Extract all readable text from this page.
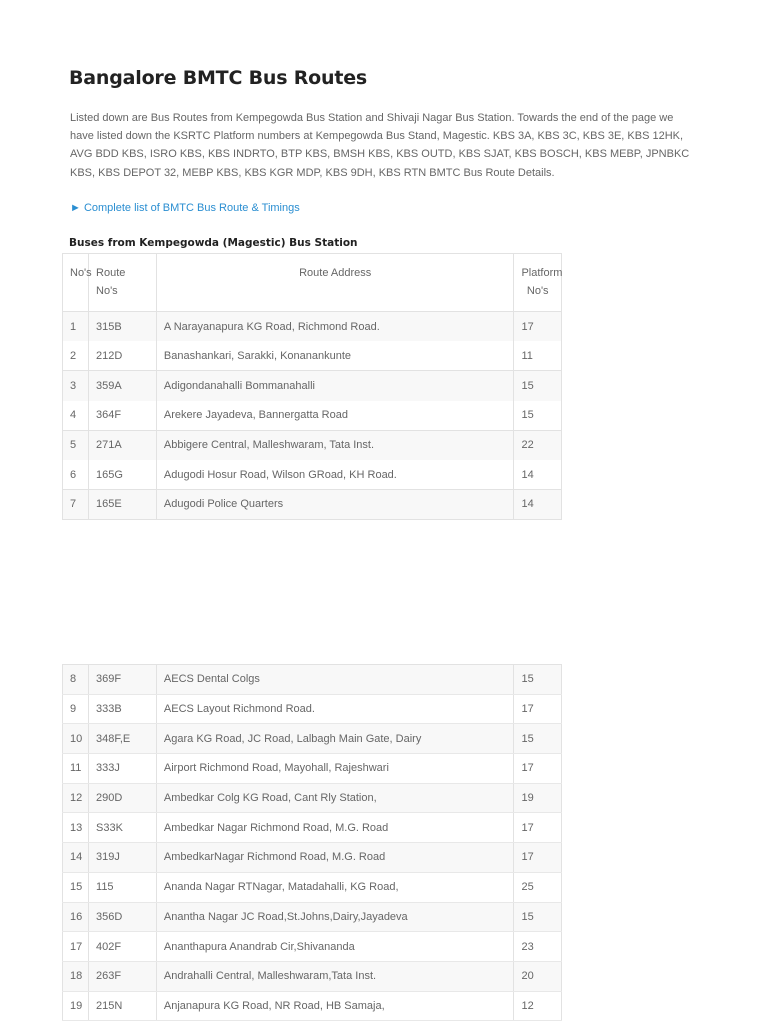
Bangalore BMTC Bus Routes

Listed down are Bus Routes from Kempegowda Bus Station and Shivaji Nagar Bus Station. Towards the end of the page we have listed down the KSRTC Platform numbers at Kempegowda Bus Stand, Magestic. KBS 3A, KBS 3C, KBS 3E, KBS 12HK, AVG BDD KBS, ISRO KBS, KBS INDRTO, BTP KBS, BMSH KBS, KBS OUTD, KBS SJAT, KBS BOSCH, KBS MEBP, JPNBKC KBS, KBS DEPOT 32, MEBP KBS, KBS KGR MDP, KBS 9DH, KBS RTN BMTC Bus Route Details.

► Complete list of BMTC Bus Route & Timings
Buses from Kempegowda (Magestic) Bus Station
No's	Route No's	Route Address	Platform No's
1	315B	A Narayanapura KG Road, Richmond Road.	17
2	212D	Banashankari, Sarakki, Konanankunte	11
3	359A	Adigondanahalli Bommanahalli	15
4	364F	Arekere Jayadeva, Bannergatta Road	15
5	271A	Abbigere Central, Malleshwaram, Tata Inst.	22
6	165G	Adugodi Hosur Road, Wilson GRoad, KH Road.	14
7	165E	Adugodi Police Quarters	14
8	369F	AECS Dental Colgs	15
9	333B	AECS Layout Richmond Road.	17
10	348F,E	Agara KG Road, JC Road, Lalbagh Main Gate, Dairy	15
11	333J	Airport Richmond Road, Mayohall, Rajeshwari	17
12	290D	Ambedkar Colg KG Road, Cant Rly Station,	19
13	S33K	Ambedkar Nagar Richmond Road, M.G. Road	17
14	319J	AmbedkarNagar Richmond Road, M.G. Road	17
15	115	Ananda Nagar RTNagar, Matadahalli, KG Road,	25
16	356D	Anantha Nagar JC Road,St.Johns,Dairy,Jayadeva	15
17	402F	Ananthapura Anandrab Cir,Shivananda	23
18	263F	Andrahalli Central, Malleshwaram,Tata Inst.	20
19	215N	Anjanapura KG Road, NR Road, HB Samaja,	12
